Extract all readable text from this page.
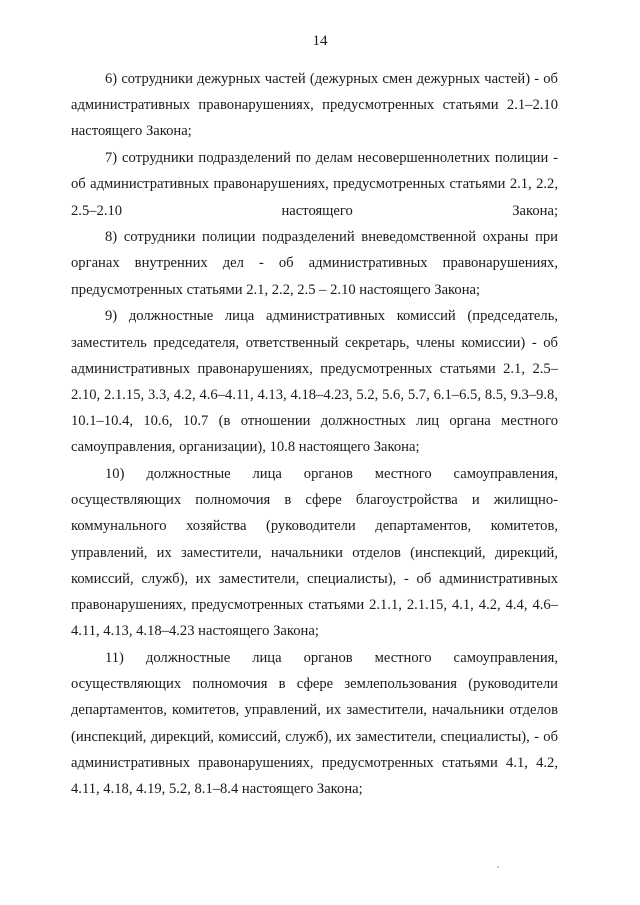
14

6) сотрудники дежурных частей (дежурных смен дежурных частей) - об административных правонарушениях, предусмотренных статьями 2.1–2.10 настоящего Закона;

7) сотрудники подразделений по делам несовершеннолетних полиции - об административных правонарушениях, предусмотренных статьями 2.1, 2.2, 2.5–2.10 настоящего Закона;

8) сотрудники полиции подразделений вневедомственной охраны при органах внутренних дел - об административных правонарушениях, предусмотренных статьями 2.1, 2.2, 2.5 – 2.10 настоящего Закона;

9) должностные лица административных комиссий (председатель, заместитель председателя, ответственный секретарь, члены комиссии) - об административных правонарушениях, предусмотренных статьями 2.1, 2.5–2.10, 2.1.15, 3.3, 4.2, 4.6–4.11, 4.13, 4.18–4.23, 5.2, 5.6, 5.7, 6.1–6.5, 8.5, 9.3–9.8, 10.1–10.4, 10.6, 10.7 (в отношении должностных лиц органа местного самоуправления, организации), 10.8 настоящего Закона;

10) должностные лица органов местного самоуправления, осуществляющих полномочия в сфере благоустройства и жилищно-коммунального хозяйства (руководители департаментов, комитетов, управлений, их заместители, начальники отделов (инспекций, дирекций, комиссий, служб), их заместители, специалисты), - об административных правонарушениях, предусмотренных статьями 2.1.1, 2.1.15, 4.1, 4.2, 4.4, 4.6–4.11, 4.13, 4.18–4.23 настоящего Закона;

11) должностные лица органов местного самоуправления, осуществляющих полномочия в сфере землепользования (руководители департаментов, комитетов, управлений, их заместители, начальники отделов (инспекций, дирекций, комиссий, служб), их заместители, специалисты), - об административных правонарушениях, предусмотренных статьями 4.1, 4.2, 4.11, 4.18, 4.19, 5.2, 8.1–8.4 настоящего Закона;
